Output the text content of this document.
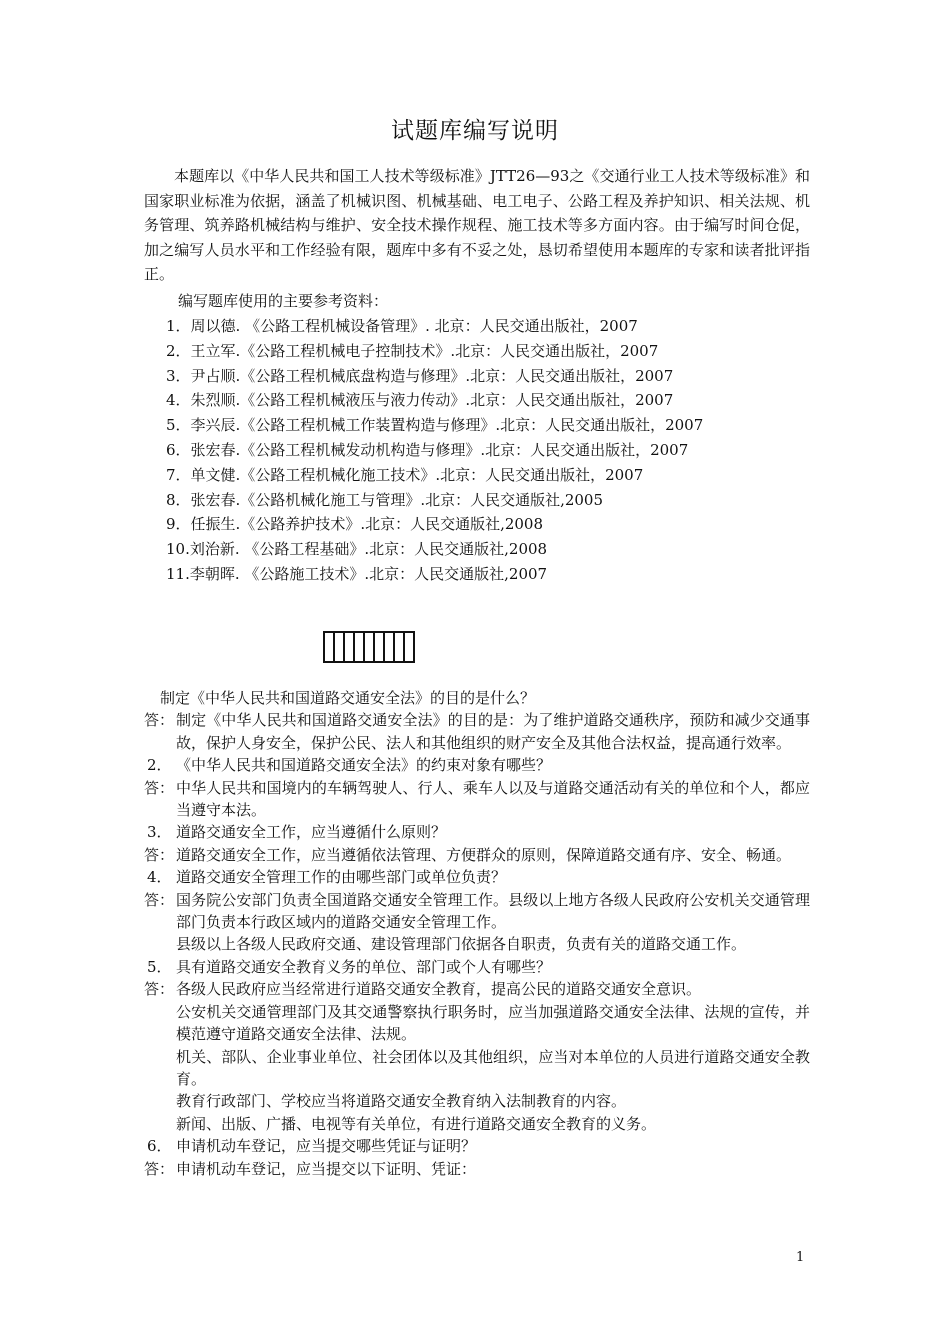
试题库编写说明

本题库以《中华人民共和国工人技术等级标准》JTT26—93之《交通行业工人技术等级标准》和国家职业标准为依据，涵盖了机械识图、机械基础、电工电子、公路工程及养护知识、相关法规、机务管理、筑养路机械结构与维护、安全技术操作规程、施工技术等多方面内容。由于编写时间仓促，加之编写人员水平和工作经验有限，题库中多有不妥之处，恳切希望使用本题库的专家和读者批评指正。

编写题库使用的主要参考资料：

1．周以德. 《公路工程机械设备管理》. 北京：人民交通出版社，2007
2．王立军.《公路工程机械电子控制技术》.北京：人民交通出版社，2007
3．尹占顺.《公路工程机械底盘构造与修理》.北京：人民交通出版社，2007
4．朱烈顺.《公路工程机械液压与液力传动》.北京：人民交通出版社，2007
5．李兴辰.《公路工程机械工作装置构造与修理》.北京：人民交通出版社，2007
6．张宏春.《公路工程机械发动机构造与修理》.北京：人民交通出版社，2007
7．单文健.《公路工程机械化施工技术》.北京：人民交通出版社，2007
8．张宏春.《公路机械化施工与管理》.北京：人民交通版社,2005
9．任振生.《公路养护技术》.北京：人民交通版社,2008
10.刘治新. 《公路工程基础》.北京：人民交通版社,2008
11.李朝晖. 《公路施工技术》.北京：人民交通版社,2007

制定《中华人民共和国道路交通安全法》的目的是什么？

答： 制定《中华人民共和国道路交通安全法》的目的是：为了维护道路交通秩序，预防和减少交通事故，保护人身安全，保护公民、法人和其他组织的财产安全及其他合法权益，提高通行效率。

2． 《中华人民共和国道路交通安全法》的约束对象有哪些？

答： 中华人民共和国境内的车辆驾驶人、行人、乘车人以及与道路交通活动有关的单位和个人，都应当遵守本法。

3． 道路交通安全工作，应当遵循什么原则？

答： 道路交通安全工作，应当遵循依法管理、方便群众的原则，保障道路交通有序、安全、畅通。

4． 道路交通安全管理工作的由哪些部门或单位负责？

答： 国务院公安部门负责全国道路交通安全管理工作。县级以上地方各级人民政府公安机关交通管理部门负责本行政区域内的道路交通安全管理工作。

县级以上各级人民政府交通、建设管理部门依据各自职责，负责有关的道路交通工作。

5． 具有道路交通安全教育义务的单位、部门或个人有哪些？

答： 各级人民政府应当经常进行道路交通安全教育，提高公民的道路交通安全意识。

公安机关交通管理部门及其交通警察执行职务时，应当加强道路交通安全法律、法规的宣传，并模范遵守道路交通安全法律、法规。

机关、部队、企业事业单位、社会团体以及其他组织，应当对本单位的人员进行道路交通安全教育。

教育行政部门、学校应当将道路交通安全教育纳入法制教育的内容。

新闻、出版、广播、电视等有关单位，有进行道路交通安全教育的义务。

6． 申请机动车登记，应当提交哪些凭证与证明？

答： 申请机动车登记，应当提交以下证明、凭证：

1
